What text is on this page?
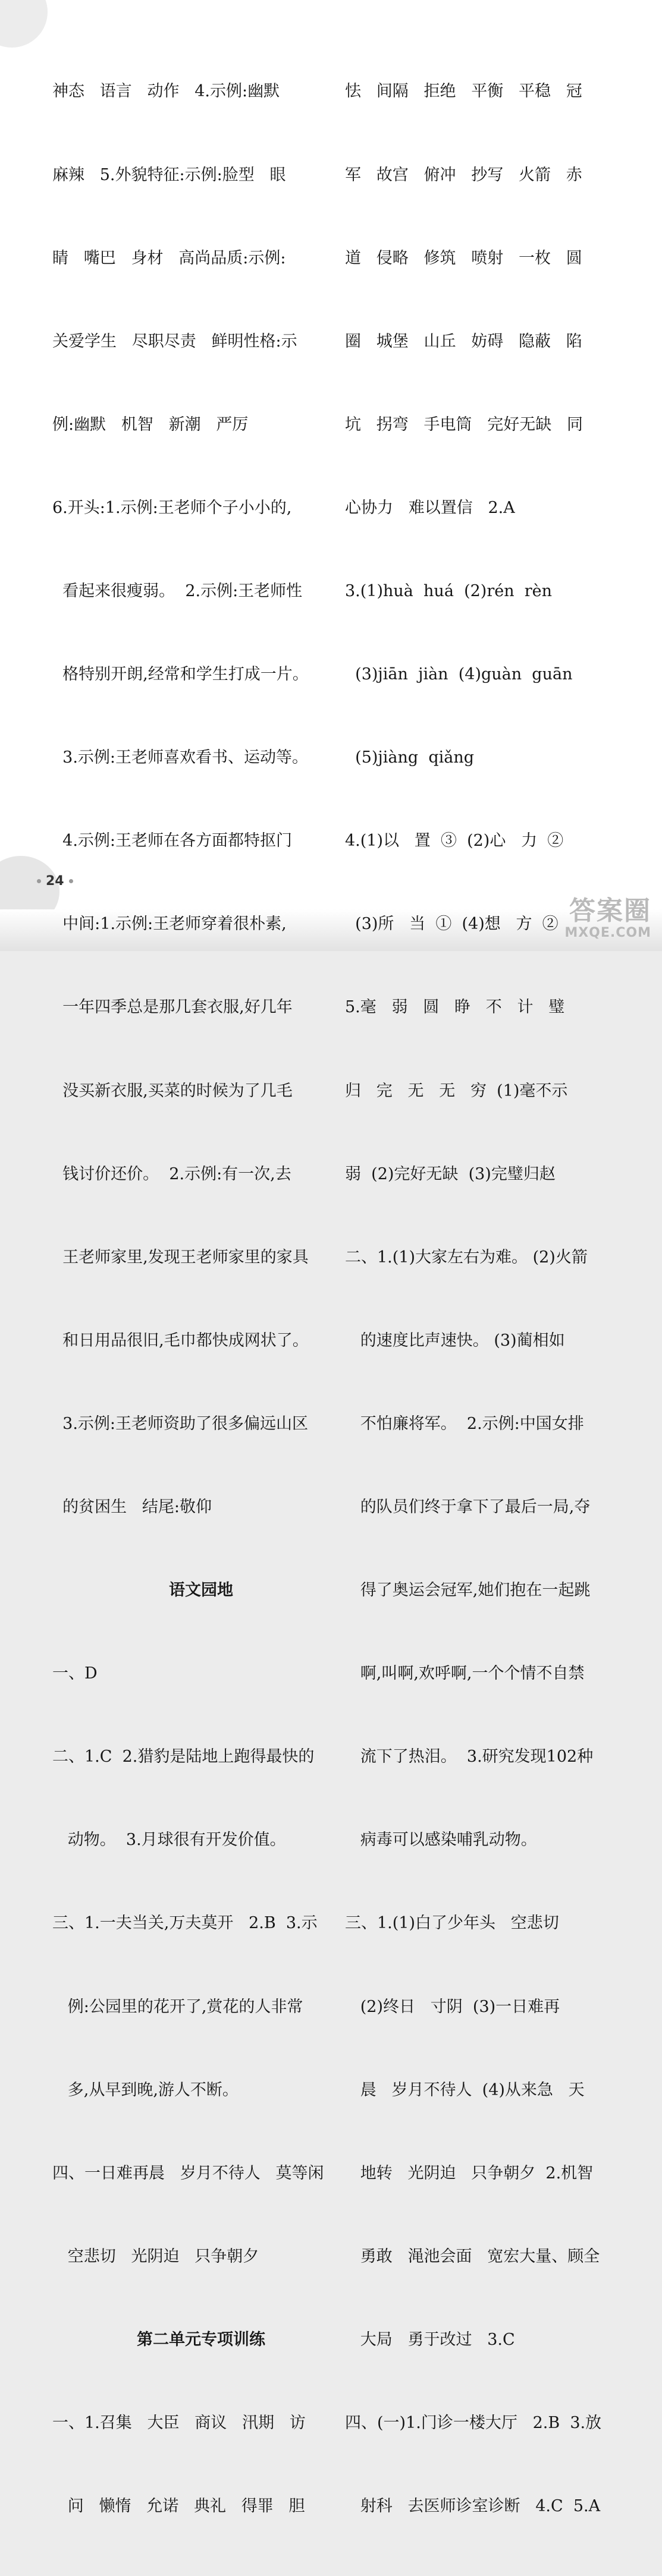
神态   语言   动作   4.示例:幽默

麻辣   5.外貌特征:示例:脸型   眼

睛   嘴巴   身材   高尚品质:示例:

关爱学生   尽职尽责   鲜明性格:示

例:幽默   机智   新潮   严厉

6.开头:1.示例:王老师个子小小的,

看起来很瘦弱。  2.示例:王老师性

格特别开朗,经常和学生打成一片。

3.示例:王老师喜欢看书、运动等。

4.示例:王老师在各方面都特抠门

中间:1.示例:王老师穿着很朴素,

一年四季总是那几套衣服,好几年

没买新衣服,买菜的时候为了几毛

钱讨价还价。  2.示例:有一次,去

王老师家里,发现王老师家里的家具

和日用品很旧,毛巾都快成网状了。

3.示例:王老师资助了很多偏远山区

的贫困生   结尾:敬仰

语文园地

一、D

二、1.C  2.猎豹是陆地上跑得最快的

动物。  3.月球很有开发价值。

三、1.一夫当关,万夫莫开   2.B  3.示

例:公园里的花开了,赏花的人非常

多,从早到晚,游人不断。

四、一日难再晨   岁月不待人   莫等闲

空悲切   光阴迫   只争朝夕

第二单元专项训练

一、1.召集   大臣   商议   汛期   访

问   懒惰   允诺   典礼   得罪   胆

怯   间隔   拒绝   平衡   平稳   冠

军   故宫   俯冲   抄写   火箭   赤

道   侵略   修筑   喷射   一枚   圆

圈   城堡   山丘   妨碍   隐蔽   陷

坑   拐弯   手电筒   完好无缺   同

心协力   难以置信   2.A

3.(1)huà  huá  (2)rén  rèn

(3)jiān  jiàn  (4)guàn  guān

(5)jiàng  qiǎng

4.(1)以   置  ③  (2)心   力  ②

(3)所   当  ①  (4)想   方  ②

5.毫   弱   圆   睁   不   计   璧

归   完   无   无   穷  (1)毫不示

弱  (2)完好无缺  (3)完璧归赵

二、1.(1)大家左右为难。 (2)火箭

的速度比声速快。 (3)蔺相如

不怕廉将军。  2.示例:中国女排

的队员们终于拿下了最后一局,夺

得了奥运会冠军,她们抱在一起跳

啊,叫啊,欢呼啊,一个个情不自禁

流下了热泪。  3.研究发现102种

病毒可以感染哺乳动物。

三、1.(1)白了少年头   空悲切

(2)终日   寸阴  (3)一日难再

晨   岁月不待人  (4)从来急   天

地转   光阴迫   只争朝夕  2.机智

勇敢   渑池会面   宽宏大量、顾全

大局   勇于改过   3.C

四、(一)1.门诊一楼大厅   2.B  3.放

射科   去医师诊室诊断   4.C  5.A

24
答案圈
MXQE.COM
